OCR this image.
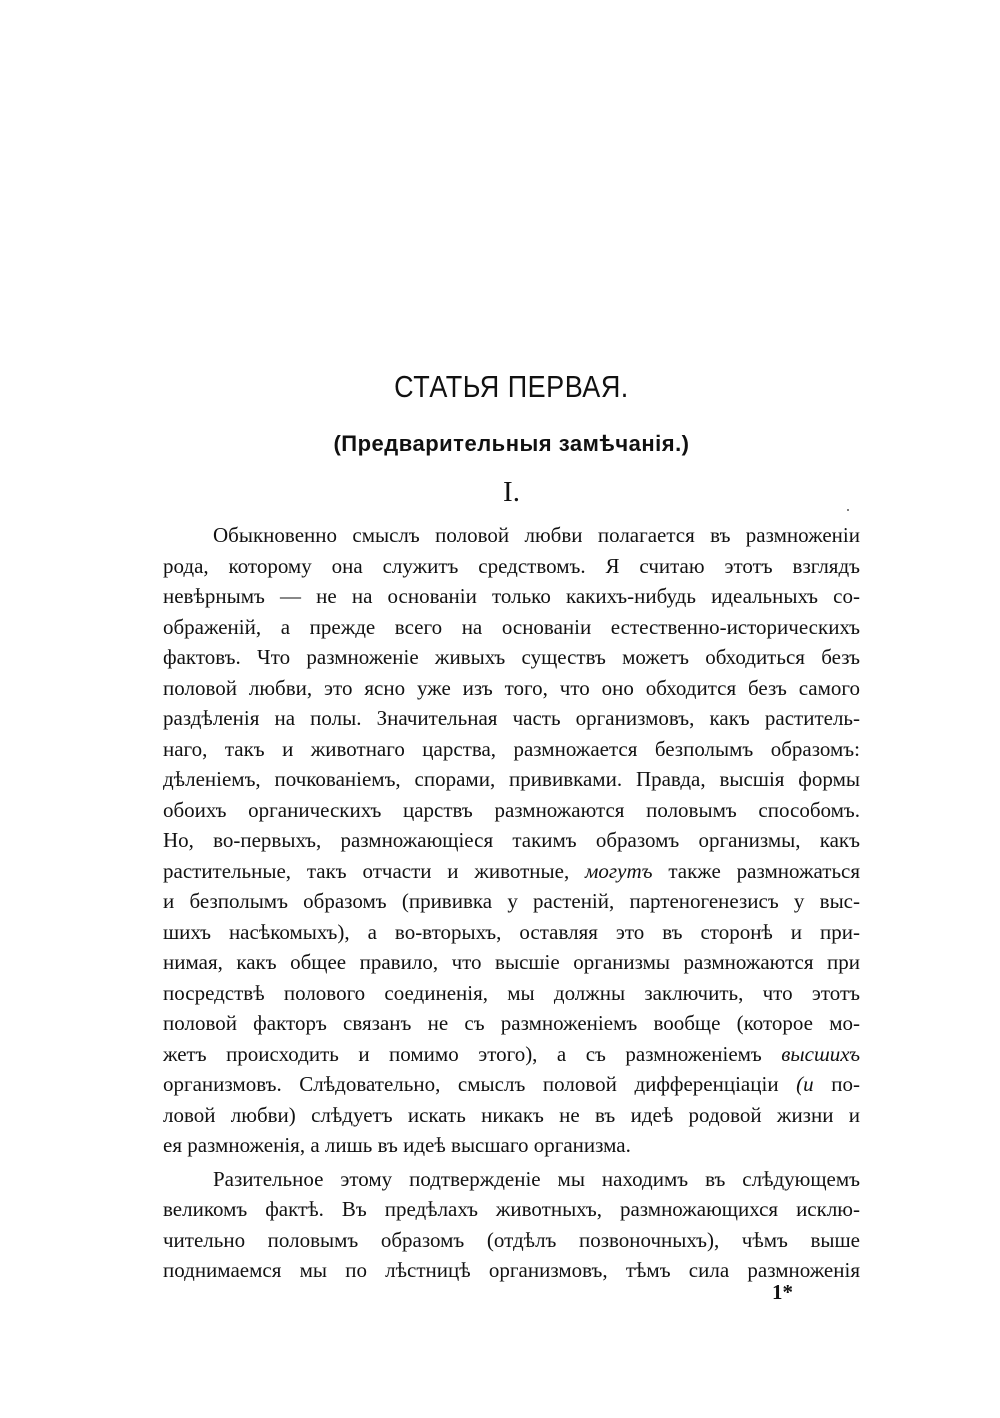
СТАТЬЯ ПЕРВАЯ.
(Предварительныя замѣчанія.)
I.
Обыкновенно смыслъ половой любви полагается въ размноженіи
рода, которому она служитъ средствомъ. Я считаю этотъ взглядъ
невѣрнымъ — не на основаніи только какихъ-нибудь идеальныхъ со-
ображеній, а прежде всего на основаніи естественно-историческихъ
фактовъ. Что размноженіе живыхъ существъ можетъ обходиться безъ
половой любви, это ясно уже изъ того, что оно обходится безъ самого
раздѣленія на полы. Значительная часть организмовъ, какъ раститель-
наго, такъ и животнаго царства, размножается безполымъ образомъ:
дѣленіемъ, почкованіемъ, спорами, прививками. Правда, высшія формы
обоихъ органическихъ царствъ размножаются половымъ способомъ.
Но, во-первыхъ, размножающіеся такимъ образомъ организмы, какъ
растительные, такъ отчасти и животные, могутъ также размножаться
и безполымъ образомъ (прививка у растеній, партеногенезисъ у выс-
шихъ насѣкомыхъ), а во-вторыхъ, оставляя это въ сторонѣ и при-
нимая, какъ общее правило, что высшіе организмы размножаются при
посредствѣ полового соединенія, мы должны заключить, что этотъ
половой факторъ связанъ не съ размноженіемъ вообще (которое мо-
жетъ происходить и помимо этого), а съ размноженіемъ высшихъ
организмовъ. Слѣдовательно, смыслъ половой дифференціаціи (и по-
ловой любви) слѣдуетъ искать никакъ не въ идеѣ родовой жизни и
ея размноженія, а лишь въ идеѣ высшаго организма.
Разительное этому подтвержденіе мы находимъ въ слѣдующемъ
великомъ фактѣ. Въ предѣлахъ животныхъ, размножающихся исклю-
чительно половымъ образомъ (отдѣлъ позвоночныхъ), чѣмъ выше
поднимаемся мы по лѣстницѣ организмовъ, тѣмъ сила размноженія
1*
